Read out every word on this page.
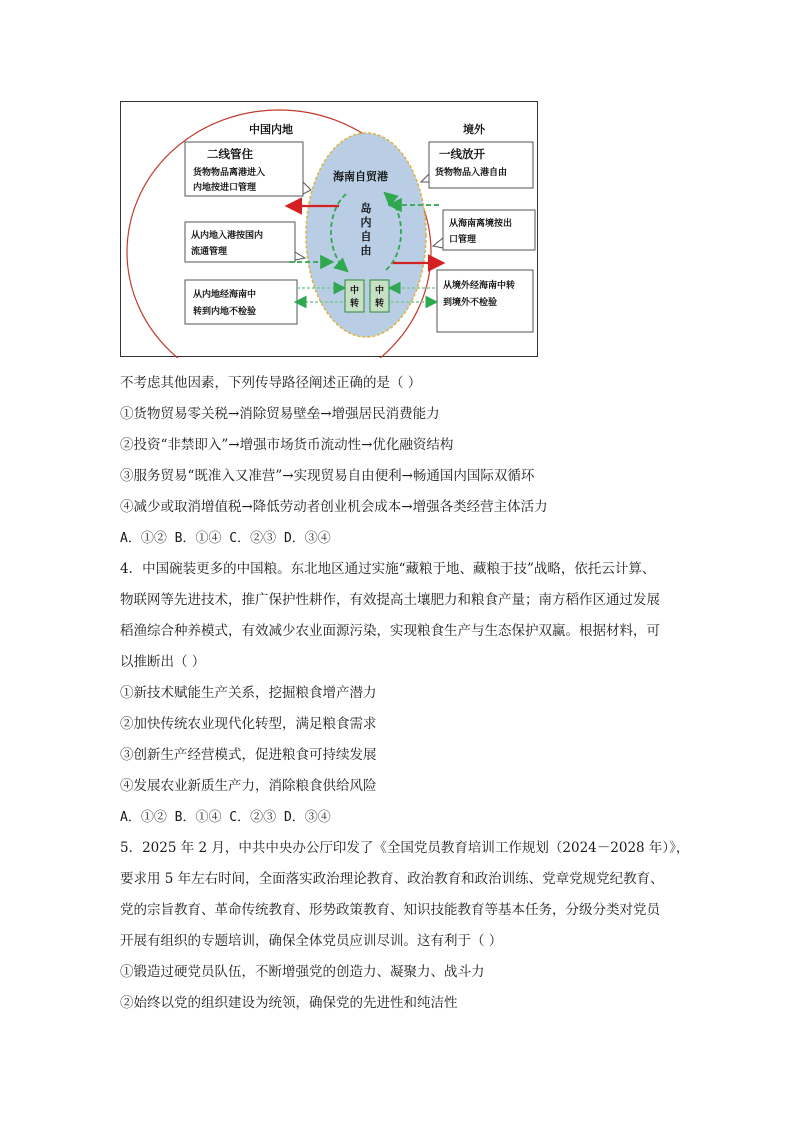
中国内地	境外
海南自贸港
岛
内
自
由
中
转
中
转
二线管住
货物物品离港进入
内地按进口管理
一线放开
货物物品入港自由
从内地入港按国内
流通管理
从海南离境按出
口管理
从内地经海南中
转到内地不检验
从境外经海南中转
到境外不检验
不考虑其他因素，下列传导路径阐述正确的是（ ）
①货物贸易零关税→消除贸易壁垒→增强居民消费能力
②投资“非禁即入”→增强市场货币流动性→优化融资结构
③服务贸易“既准入又准营”→实现贸易自由便利→畅通国内国际双循环
④减少或取消增值税→降低劳动者创业机会成本→增强各类经营主体活力
A．①② B．①④ C．②③ D．③④
4．中国碗装更多的中国粮。东北地区通过实施“藏粮于地、藏粮于技”战略，依托云计算、
物联网等先进技术，推广保护性耕作，有效提高土壤肥力和粮食产量；南方稻作区通过发展
稻渔综合种养模式，有效减少农业面源污染，实现粮食生产与生态保护双赢。根据材料，可
以推断出（ ）
①新技术赋能生产关系，挖掘粮食增产潜力
②加快传统农业现代化转型，满足粮食需求
③创新生产经营模式，促进粮食可持续发展
④发展农业新质生产力，消除粮食供给风险
A．①② B．①④ C．②③ D．③④
5．2025 年 2 月，中共中央办公厅印发了《全国党员教育培训工作规划（2024－2028 年）》，
要求用 5 年左右时间，全面落实政治理论教育、政治教育和政治训练、党章党规党纪教育、
党的宗旨教育、革命传统教育、形势政策教育、知识技能教育等基本任务，分级分类对党员
开展有组织的专题培训，确保全体党员应训尽训。这有利于（ ）
①锻造过硬党员队伍，不断增强党的创造力、凝聚力、战斗力
②始终以党的组织建设为统领，确保党的先进性和纯洁性
